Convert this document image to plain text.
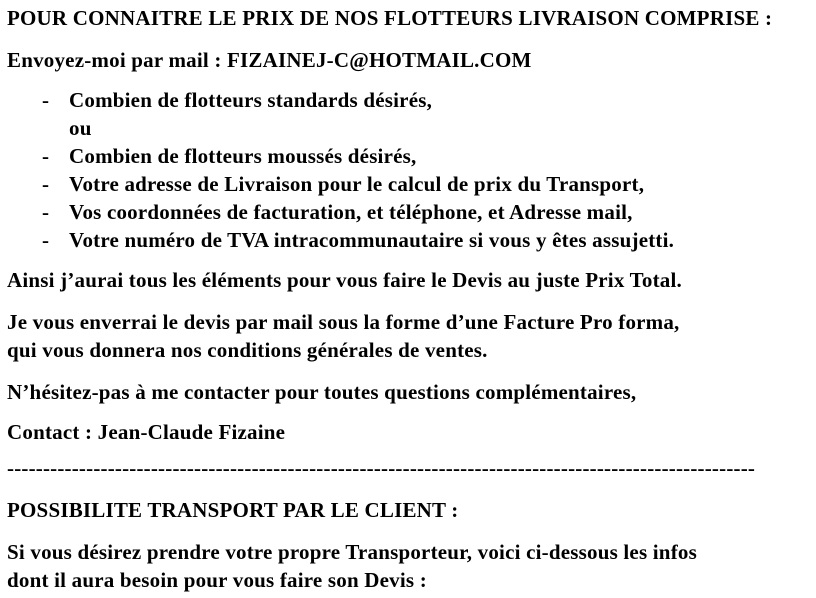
POUR CONNAITRE LE PRIX DE NOS FLOTTEURS LIVRAISON COMPRISE :

Envoyez-moi par mail : FIZAINEJ-C@HOTMAIL.COM

- Combien de flotteurs standards désirés,
ou
- Combien de flotteurs moussés désirés,
- Votre adresse de Livraison pour le calcul de prix du Transport,
- Vos coordonnées de facturation, et téléphone, et Adresse mail,
- Votre numéro de TVA intracommunautaire si vous y êtes assujetti.

Ainsi j’aurai tous les éléments pour vous faire le Devis au juste Prix Total.

Je vous enverrai le devis par mail sous la forme d’une Facture Pro forma,
qui vous donnera nos conditions générales de ventes.

N’hésitez-pas à me contacter pour toutes questions complémentaires,

Contact : Jean-Claude Fizaine

--------------------------------------------------------------------------------------------------------

POSSIBILITE TRANSPORT PAR LE CLIENT :

Si vous désirez prendre votre propre Transporteur, voici ci-dessous les infos
dont il aura besoin pour vous faire son Devis :
